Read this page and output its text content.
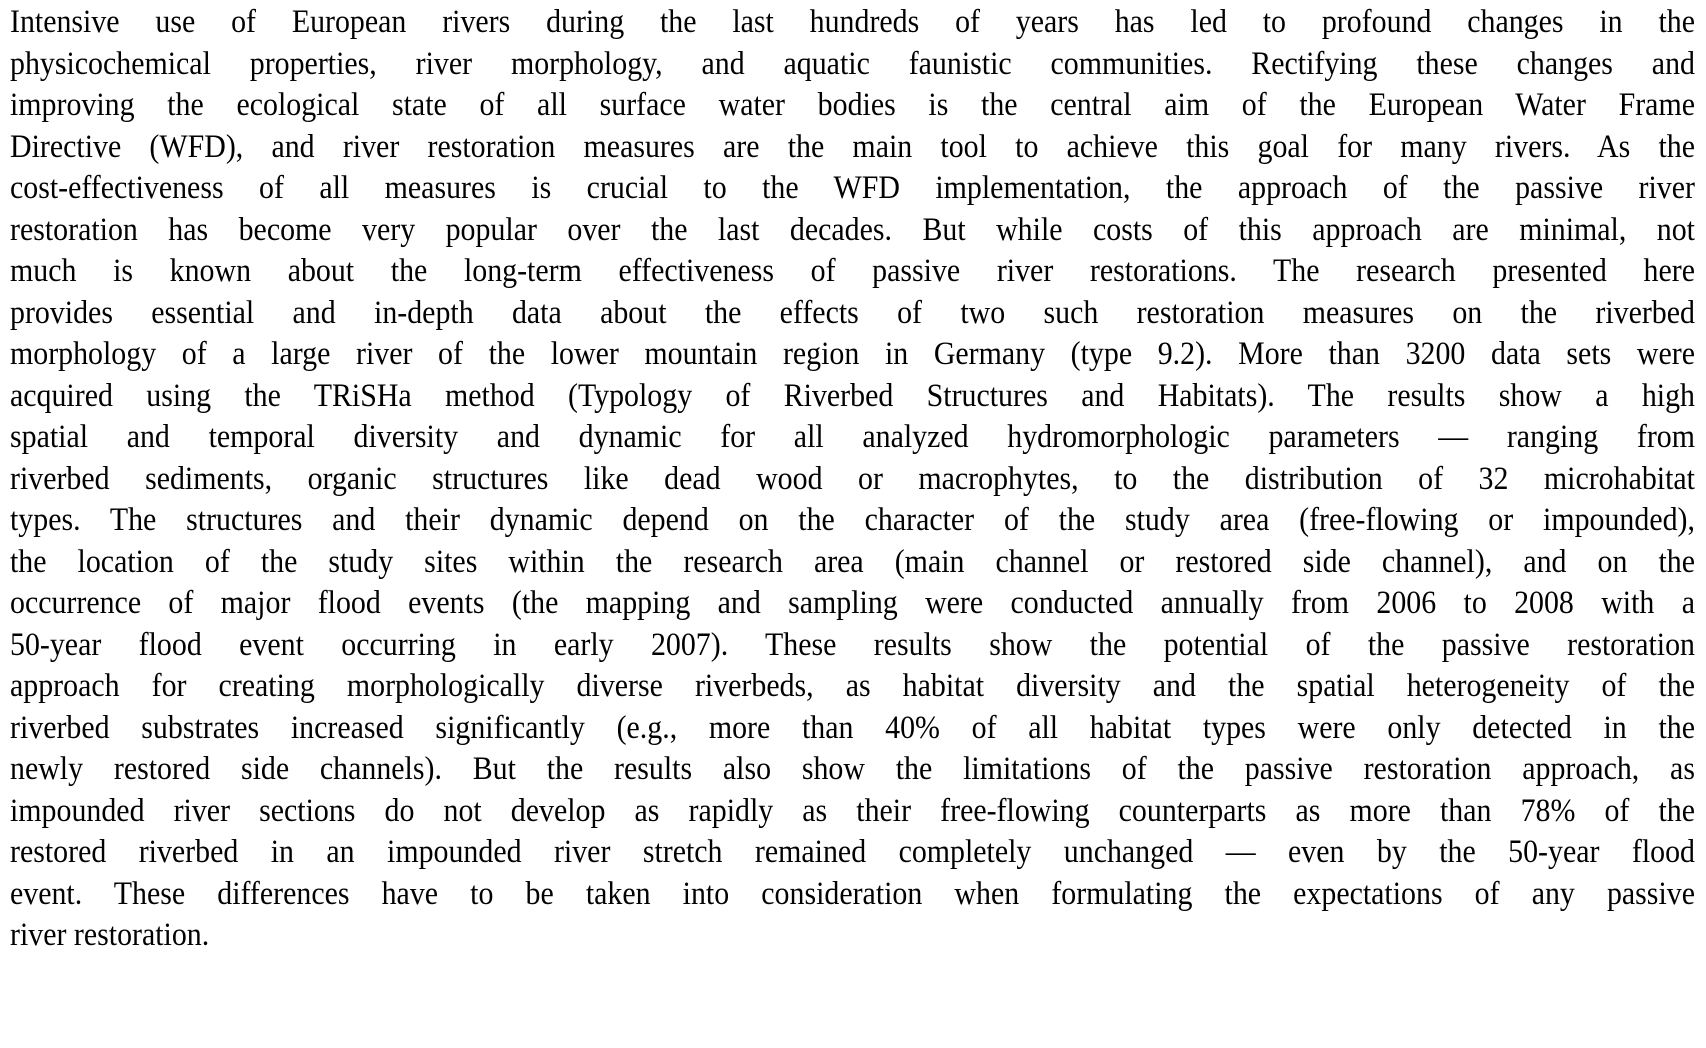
Intensive use of European rivers during the last hundreds of years has led to profound changes in the
physicochemical properties, river morphology, and aquatic faunistic communities. Rectifying these changes and
improving the ecological state of all surface water bodies is the central aim of the European Water Frame
Directive (WFD), and river restoration measures are the main tool to achieve this goal for many rivers. As the
cost-effectiveness of all measures is crucial to the WFD implementation, the approach of the passive river
restoration has become very popular over the last decades. But while costs of this approach are minimal, not
much is known about the long-term effectiveness of passive river restorations. The research presented here
provides essential and in-depth data about the effects of two such restoration measures on the riverbed
morphology of a large river of the lower mountain region in Germany (type 9.2). More than 3200 data sets were
acquired using the TRiSHa method (Typology of Riverbed Structures and Habitats). The results show a high
spatial and temporal diversity and dynamic for all analyzed hydromorphologic parameters — ranging from
riverbed sediments, organic structures like dead wood or macrophytes, to the distribution of 32 microhabitat
types. The structures and their dynamic depend on the character of the study area (free-flowing or impounded),
the location of the study sites within the research area (main channel or restored side channel), and on the
occurrence of major flood events (the mapping and sampling were conducted annually from 2006 to 2008 with a
50-year flood event occurring in early 2007). These results show the potential of the passive restoration
approach for creating morphologically diverse riverbeds, as habitat diversity and the spatial heterogeneity of the
riverbed substrates increased significantly (e.g., more than 40% of all habitat types were only detected in the
newly restored side channels). But the results also show the limitations of the passive restoration approach, as
impounded river sections do not develop as rapidly as their free-flowing counterparts as more than 78% of the
restored riverbed in an impounded river stretch remained completely unchanged — even by the 50-year flood
event. These differences have to be taken into consideration when formulating the expectations of any passive
river restoration.
